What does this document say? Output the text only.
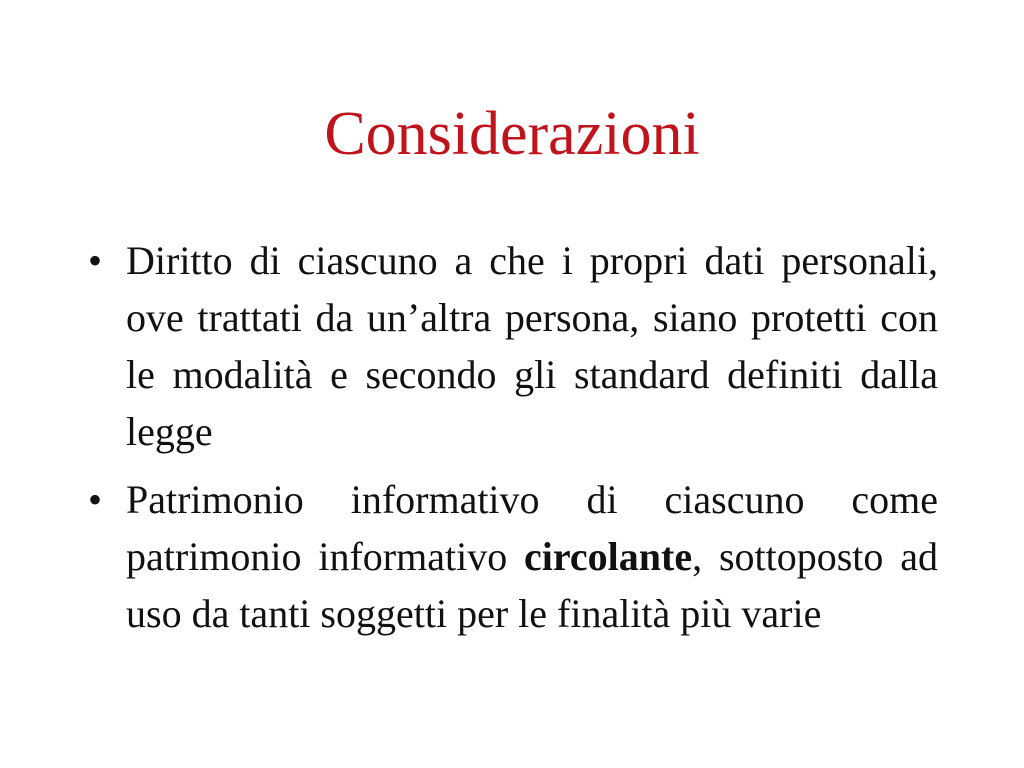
Considerazioni
• Diritto di ciascuno a che i propri dati personali, ove trattati da un’altra persona, siano protetti con le modalità e secondo gli standard definiti dalla legge
• Patrimonio informativo di ciascuno come patrimonio informativo circolante, sottoposto ad uso da tanti soggetti per le finalità più varie
